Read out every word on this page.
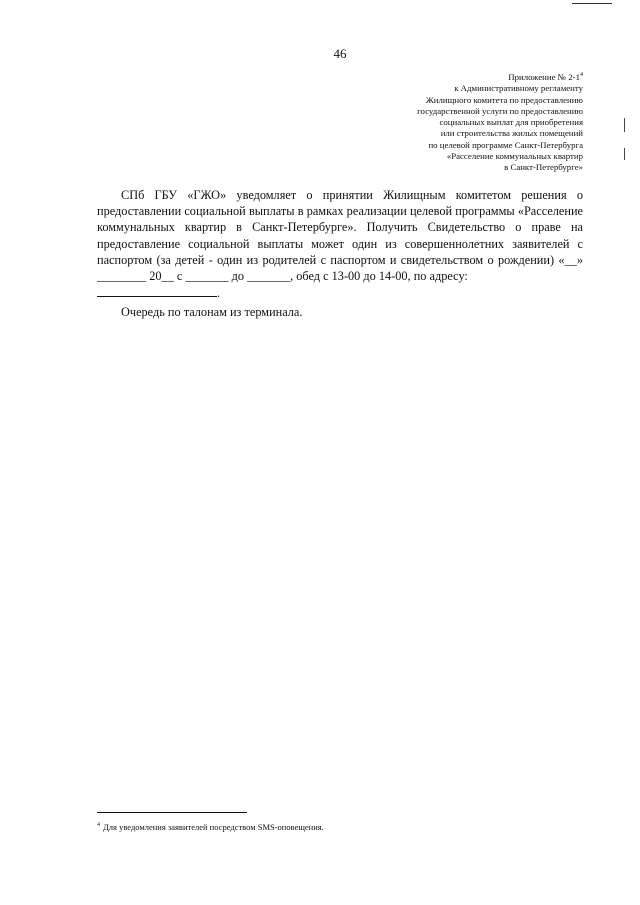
46
Приложение № $2-1^4$
к Административному регламенту
Жилищного комитета по предоставлению
государственной услуги по предоставлению
социальных выплат для приобретения
или строительства жилых помещений
по целевой программе Санкт-Петербурга
«Расселение коммунальных квартир
в Санкт-Петербурге»

СПб ГБУ «ГЖО» уведомляет о принятии Жилищным комитетом решения о предоставлении социальной выплаты в рамках реализации целевой программы «Расселение коммунальных квартир в Санкт-Петербурге». Получить Свидетельство о праве на предоставление социальной выплаты может один из совершеннолетних заявителей с паспортом (за детей - один из родителей с паспортом и свидетельством о рождении) «__» ________ 20__ с _______ до _______, обед с 13-00 до 14-00, по адресу:

.
Очередь по талонам из терминала.
$^4$ Для уведомления заявителей посредством SMS-оповещения.
